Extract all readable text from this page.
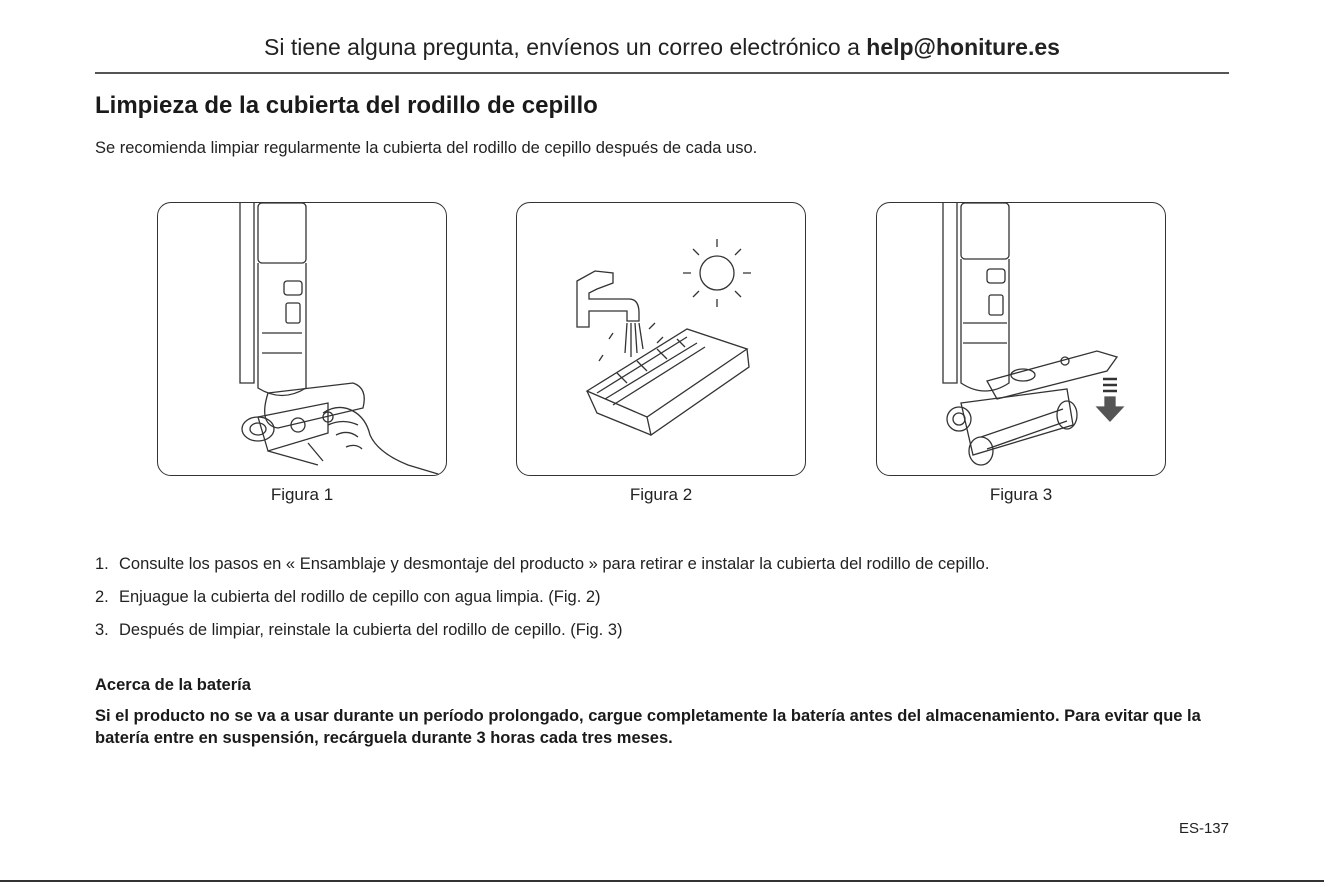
Si tiene alguna pregunta, envíenos un correo electrónico a help@honiture.es
Limpieza de la cubierta del rodillo de cepillo
Se recomienda limpiar regularmente la cubierta del rodillo de cepillo después de cada uso.
Figura 1	Figura 2	Figura 3
1. Consulte los pasos en « Ensamblaje y desmontaje del producto » para retirar e instalar la cubierta del rodillo de cepillo.
2. Enjuague la cubierta del rodillo de cepillo con agua limpia. (Fig. 2)
3. Después de limpiar, reinstale la cubierta del rodillo de cepillo. (Fig. 3)
Acerca de la batería
Si el producto no se va a usar durante un período prolongado, cargue completamente la batería antes del almacenamiento. Para evitar que la batería entre en suspensión, recárguela durante 3 horas cada tres meses.
ES-137
